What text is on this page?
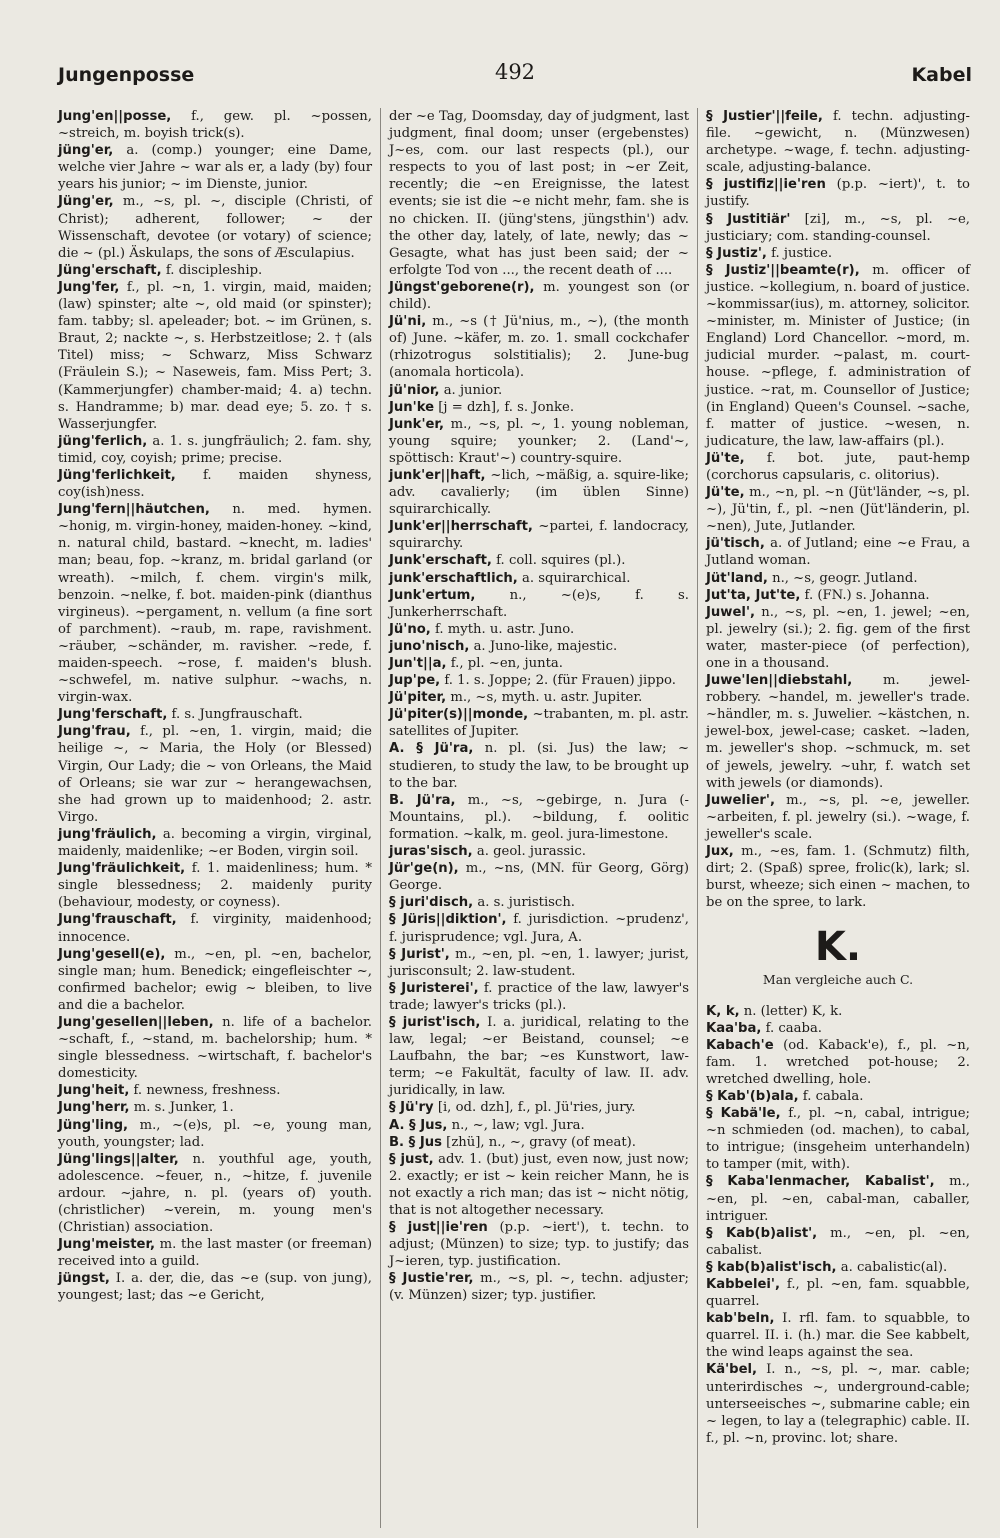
Jungenposse	492	Kabel

Jung'en||posse, f., gew. pl. ~possen, ~streich, m. boyish trick(s).

jüng'er, a. (comp.) younger; eine Dame, welche vier Jahre ~ war als er, a lady (by) four years his junior; ~ im Dienste, junior.

Jüng'er, m., ~s, pl. ~, disciple (Christi, of Christ); adherent, follower; ~ der Wissenschaft, devotee (or votary) of science; die ~ (pl.) Äskulaps, the sons of Æsculapius.

Jüng'erschaft, f. discipleship.

Jung'fer, f., pl. ~n, 1. virgin, maid, maiden; (law) spinster; alte ~, old maid (or spinster); fam. tabby; sl. apeleader; bot. ~ im Grünen, s. Braut, 2; nackte ~, s. Herbstzeitlose; 2. † (als Titel) miss; ~ Schwarz, Miss Schwarz (Fräulein S.); ~ Naseweis, fam. Miss Pert; 3. (Kammerjungfer) chamber-maid; 4. a) techn. s. Handramme; b) mar. dead eye; 5. zo. † s. Wasserjungfer.

jüng'ferlich, a. 1. s. jungfräulich; 2. fam. shy, timid, coy, coyish; prime; precise.

Jüng'ferlichkeit, f. maiden shyness, coy(ish)ness.

Jung'fern||häutchen, n. med. hymen. ~honig, m. virgin-honey, maiden-honey. ~kind, n. natural child, bastard. ~knecht, m. ladies' man; beau, fop. ~kranz, m. bridal garland (or wreath). ~milch, f. chem. virgin's milk, benzoin. ~nelke, f. bot. maiden-pink (dianthus virgineus). ~pergament, n. vellum (a fine sort of parchment). ~raub, m. rape, ravishment. ~räuber, ~schänder, m. ravisher. ~rede, f. maiden-speech. ~rose, f. maiden's blush. ~schwefel, m. native sulphur. ~wachs, n. virgin-wax.

Jung'ferschaft, f. s. Jungfrauschaft.

Jung'frau, f., pl. ~en, 1. virgin, maid; die heilige ~, ~ Maria, the Holy (or Blessed) Virgin, Our Lady; die ~ von Orleans, the Maid of Orleans; sie war zur ~ herangewachsen, she had grown up to maidenhood; 2. astr. Virgo.

jung'fräulich, a. becoming a virgin, virginal, maidenly, maidenlike; ~er Boden, virgin soil.

Jung'fräulichkeit, f. 1. maidenliness; hum. * single blessedness; 2. maidenly purity (behaviour, modesty, or coyness).

Jung'frauschaft, f. virginity, maidenhood; innocence.

Jung'gesell(e), m., ~en, pl. ~en, bachelor, single man; hum. Benedick; eingefleischter ~, confirmed bachelor; ewig ~ bleiben, to live and die a bachelor.

Jung'gesellen||leben, n. life of a bachelor. ~schaft, f., ~stand, m. bachelorship; hum. * single blessedness. ~wirtschaft, f. bachelor's domesticity.

Jung'heit, f. newness, freshness.

Jung'herr, m. s. Junker, 1.

Jüng'ling, m., ~(e)s, pl. ~e, young man, youth, youngster; lad.

Jüng'lings||alter, n. youthful age, youth, adolescence. ~feuer, n., ~hitze, f. juvenile ardour. ~jahre, n. pl. (years of) youth. (christlicher) ~verein, m. young men's (Christian) association.

Jung'meister, m. the last master (or freeman) received into a guild.

jüngst, I. a. der, die, das ~e (sup. von jung), youngest; last; das ~e Gericht,

der ~e Tag, Doomsday, day of judgment, last judgment, final doom; unser (ergebenstes) J~es, com. our last respects (pl.), our respects to you of last post; in ~er Zeit, recently; die ~en Ereignisse, the latest events; sie ist die ~e nicht mehr, fam. she is no chicken. II. (jüng'stens, jüngsthin') adv. the other day, lately, of late, newly; das ~ Gesagte, what has just been said; der ~ erfolgte Tod von ..., the recent death of ....

Jüngst'geborene(r), m. youngest son (or child).

Jü'ni, m., ~s († Jü'nius, m., ~), (the month of) June. ~käfer, m. zo. 1. small cockchafer (rhizotrogus solstitialis); 2. June-bug (anomala horticola).

jü'nior, a. junior.

Jun'ke [j = dzh], f. s. Jonke.

Junk'er, m., ~s, pl. ~, 1. young nobleman, young squire; younker; 2. (Land'~, spöttisch: Kraut'~) country-squire.

junk'er||haft, ~lich, ~mäßig, a. squire-like; adv. cavalierly; (im üblen Sinne) squirarchically.

Junk'er||herrschaft, ~partei, f. landocracy, squirarchy.

Junk'erschaft, f. coll. squires (pl.).

junk'erschaftlich, a. squirarchical.

Junk'ertum, n., ~(e)s, f. s. Junkerherrschaft.

Jü'no, f. myth. u. astr. Juno.

juno'nisch, a. Juno-like, majestic.

Jun't||a, f., pl. ~en, junta.

Jup'pe, f. 1. s. Joppe; 2. (für Frauen) jippo.

Jü'piter, m., ~s, myth. u. astr. Jupiter.

Jü'piter(s)||monde, ~trabanten, m. pl. astr. satellites of Jupiter.

A. § Jü'ra, n. pl. (si. Jus) the law; ~ studieren, to study the law, to be brought up to the bar.

B. Jü'ra, m., ~s, ~gebirge, n. Jura (-Mountains, pl.). ~bildung, f. oolitic formation. ~kalk, m. geol. jura-limestone.

juras'sisch, a. geol. jurassic.

Jür'ge(n), m., ~ns, (MN. für Georg, Görg) George.

§ juri'disch, a. s. juristisch.

§ Jüris||diktion', f. jurisdiction. ~prudenz', f. jurisprudence; vgl. Jura, A.

§ Jurist', m., ~en, pl. ~en, 1. lawyer; jurist, jurisconsult; 2. law-student.

§ Juristerei', f. practice of the law, lawyer's trade; lawyer's tricks (pl.).

§ jurist'isch, I. a. juridical, relating to the law, legal; ~er Beistand, counsel; ~e Laufbahn, the bar; ~es Kunstwort, law-term; ~e Fakultät, faculty of law. II. adv. juridically, in law.

§ Jü'ry [i, od. dzh], f., pl. Jü'ries, jury.

A. § Jus, n., ~, law; vgl. Jura.

B. § Jus [zhü], n., ~, gravy (of meat).

§ just, adv. 1. (but) just, even now, just now; 2. exactly; er ist ~ kein reicher Mann, he is not exactly a rich man; das ist ~ nicht nötig, that is not altogether necessary.

§ just||ie'ren (p.p. ~iert'), t. techn. to adjust; (Münzen) to size; typ. to justify; das J~ieren, typ. justification.

§ Justie'rer, m., ~s, pl. ~, techn. adjuster; (v. Münzen) sizer; typ. justifier.

§ Justier'||feile, f. techn. adjusting-file. ~gewicht, n. (Münzwesen) archetype. ~wage, f. techn. adjusting-scale, adjusting-balance.

§ justifiz||ie'ren (p.p. ~iert)', t. to justify.

§ Justitiär' [zi], m., ~s, pl. ~e, justiciary; com. standing-counsel.

§ Justiz', f. justice.

§ Justiz'||beamte(r), m. officer of justice. ~kollegium, n. board of justice. ~kommissar(ius), m. attorney, solicitor. ~minister, m. Minister of Justice; (in England) Lord Chancellor. ~mord, m. judicial murder. ~palast, m. court-house. ~pflege, f. administration of justice. ~rat, m. Counsellor of Justice; (in England) Queen's Counsel. ~sache, f. matter of justice. ~wesen, n. judicature, the law, law-affairs (pl.).

Jü'te, f. bot. jute, paut-hemp (corchorus capsularis, c. olitorius).

Jü'te, m., ~n, pl. ~n (Jüt'länder, ~s, pl. ~), Jü'tin, f., pl. ~nen (Jüt'länderin, pl. ~nen), Jute, Jutlander.

jü'tisch, a. of Jutland; eine ~e Frau, a Jutland woman.

Jüt'land, n., ~s, geogr. Jutland.

Jut'ta, Jut'te, f. (FN.) s. Johanna.

Juwel', n., ~s, pl. ~en, 1. jewel; ~en, pl. jewelry (si.); 2. fig. gem of the first water, master-piece (of perfection), one in a thousand.

Juwe'len||diebstahl, m. jewel-robbery. ~handel, m. jeweller's trade. ~händler, m. s. Juwelier. ~kästchen, n. jewel-box, jewel-case; casket. ~laden, m. jeweller's shop. ~schmuck, m. set of jewels, jewelry. ~uhr, f. watch set with jewels (or diamonds).

Juwelier', m., ~s, pl. ~e, jeweller. ~arbeiten, f. pl. jewelry (si.). ~wage, f. jeweller's scale.

Jux, m., ~es, fam. 1. (Schmutz) filth, dirt; 2. (Spaß) spree, frolic(k), lark; sl. burst, wheeze; sich einen ~ machen, to be on the spree, to lark.

K.
Man vergleiche auch C.

K, k, n. (letter) K, k.

Kaa'ba, f. caaba.

Kabach'e (od. Kaback'e), f., pl. ~n, fam. 1. wretched pot-house; 2. wretched dwelling, hole.

§ Kab'(b)ala, f. cabala.

§ Kabä'le, f., pl. ~n, cabal, intrigue; ~n schmieden (od. machen), to cabal, to intrigue; (insgeheim unterhandeln) to tamper (mit, with).

§ Kaba'lenmacher, Kabalist', m., ~en, pl. ~en, cabal-man, caballer, intriguer.

§ Kab(b)alist', m., ~en, pl. ~en, cabalist.

§ kab(b)alist'isch, a. cabalistic(al).

Kabbelei', f., pl. ~en, fam. squabble, quarrel.

kab'beln, I. rfl. fam. to squabble, to quarrel. II. i. (h.) mar. die See kabbelt, the wind leaps against the sea.

Kä'bel, I. n., ~s, pl. ~, mar. cable; unterirdisches ~, underground-cable; unterseeisches ~, submarine cable; ein ~ legen, to lay a (telegraphic) cable. II. f., pl. ~n, provinc. lot; share.
